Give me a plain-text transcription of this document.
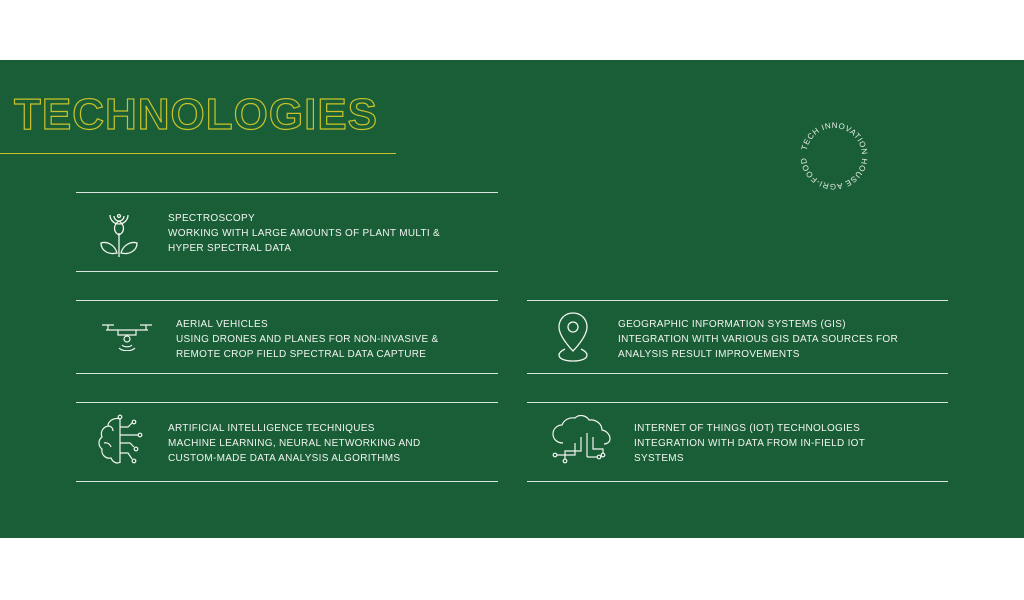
TECHNOLOGIES
TECH INNOVATION HOUSE AGRI-FOOD
SPECTROSCOPY
WORKING WITH LARGE AMOUNTS OF PLANT MULTI &
HYPER SPECTRAL DATA
AERIAL VEHICLES
USING DRONES AND PLANES FOR NON-INVASIVE &
REMOTE CROP FIELD SPECTRAL DATA CAPTURE
GEOGRAPHIC INFORMATION SYSTEMS (GIS)
INTEGRATION WITH VARIOUS GIS DATA SOURCES FOR
ANALYSIS RESULT IMPROVEMENTS
ARTIFICIAL INTELLIGENCE TECHNIQUES
MACHINE LEARNING, NEURAL NETWORKING AND
CUSTOM-MADE DATA ANALYSIS ALGORITHMS
INTERNET OF THINGS (IOT) TECHNOLOGIES
INTEGRATION WITH DATA FROM IN-FIELD IOT
SYSTEMS
